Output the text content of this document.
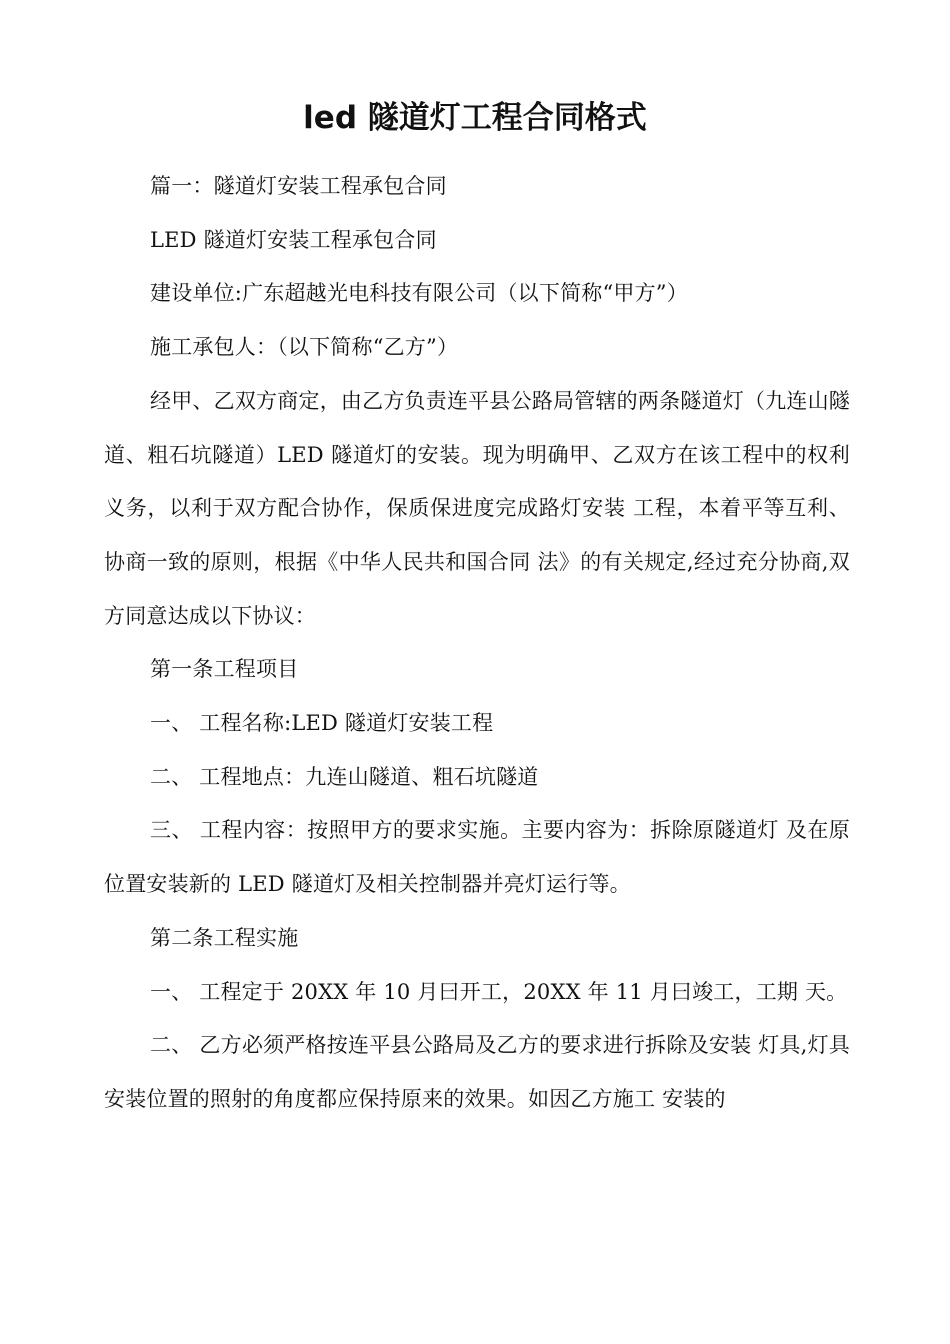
led 隧道灯工程合同格式

篇一：隧道灯安装工程承包合同

LED 隧道灯安装工程承包合同

建设单位:广东超越光电科技有限公司（以下简称“甲方”）

施工承包人：（以下简称“乙方”）

经甲、乙双方商定，由乙方负责连平县公路局管辖的两条隧道灯（九连山隧道、粗石坑隧道）LED 隧道灯的安装。现为明确甲、乙双方在该工程中的权利义务，以利于双方配合协作，保质保进度完成路灯安装 工程，本着平等互利、协商一致的原则，根据《中华人民共和国合同 法》的有关规定,经过充分协商,双方同意达成以下协议：

第一条工程项目

一、 工程名称:LED 隧道灯安装工程

二、 工程地点：九连山隧道、粗石坑隧道

三、 工程内容：按照甲方的要求实施。主要内容为：拆除原隧道灯 及在原位置安装新的 LED 隧道灯及相关控制器并亮灯运行等。

第二条工程实施

一、 工程定于 20XX 年 10 月曰开工，20XX 年 11 月曰竣工，工期 天。

二、 乙方必须严格按连平县公路局及乙方的要求进行拆除及安装 灯具,灯具安装位置的照射的角度都应保持原来的效果。如因乙方施工 安装的
